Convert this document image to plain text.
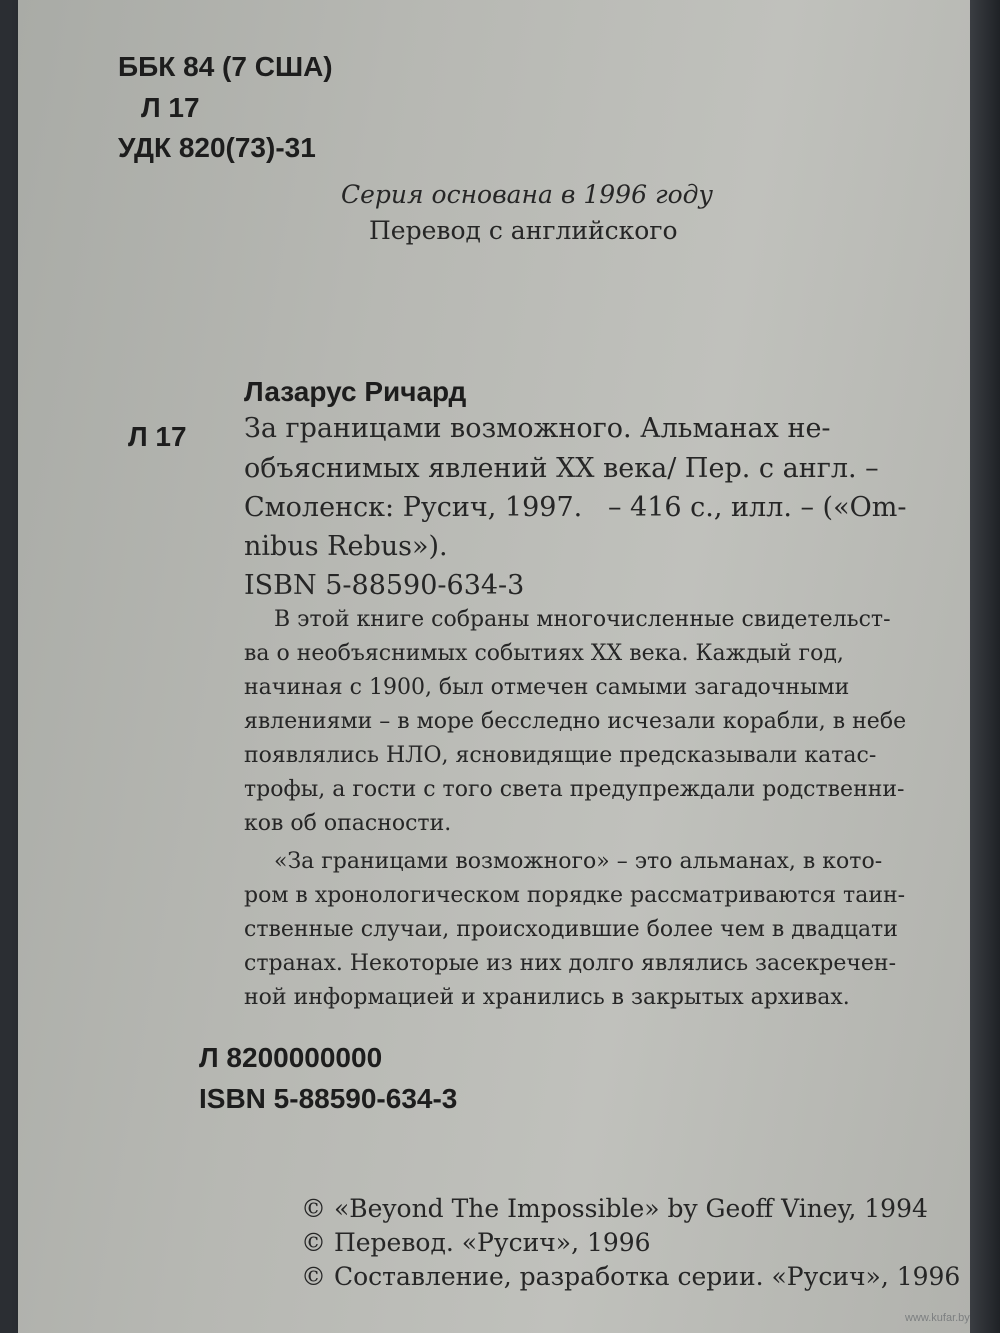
ББК 84 (7 США)
Л 17
УДК 820(73)-31
Серия основана в 1996 году
Перевод с английского
Лазарус Ричард
Л 17 За границами возможного. Альманах не-
объяснимых явлений XX века/ Пер. с англ. –
Смоленск: Русич, 1997.   – 416 с., илл. – («Om-
nibus Rebus»).
ISBN 5-88590-634-3
В этой книге собраны многочисленные свидетельст-
ва о необъяснимых событиях XX века. Каждый год,
начиная с 1900, был отмечен самыми загадочными
явлениями – в море бесследно исчезали корабли, в небе
появлялись НЛО, ясновидящие предсказывали катас-
трофы, а гости с того света предупреждали родственни-
ков об опасности.
«За границами возможного» – это альманах, в кото-
ром в хронологическом порядке рассматриваются таин-
ственные случаи, происходившие более чем в двадцати
странах. Некоторые из них долго являлись засекречен-
ной информацией и хранились в закрытых архивах.
Л 8200000000
ISBN 5-88590-634-3
© «Beyond The Impossible» by Geoff Viney, 1994
© Перевод. «Русич», 1996
© Составление, разработка серии. «Русич», 1996
www.kufar.by
